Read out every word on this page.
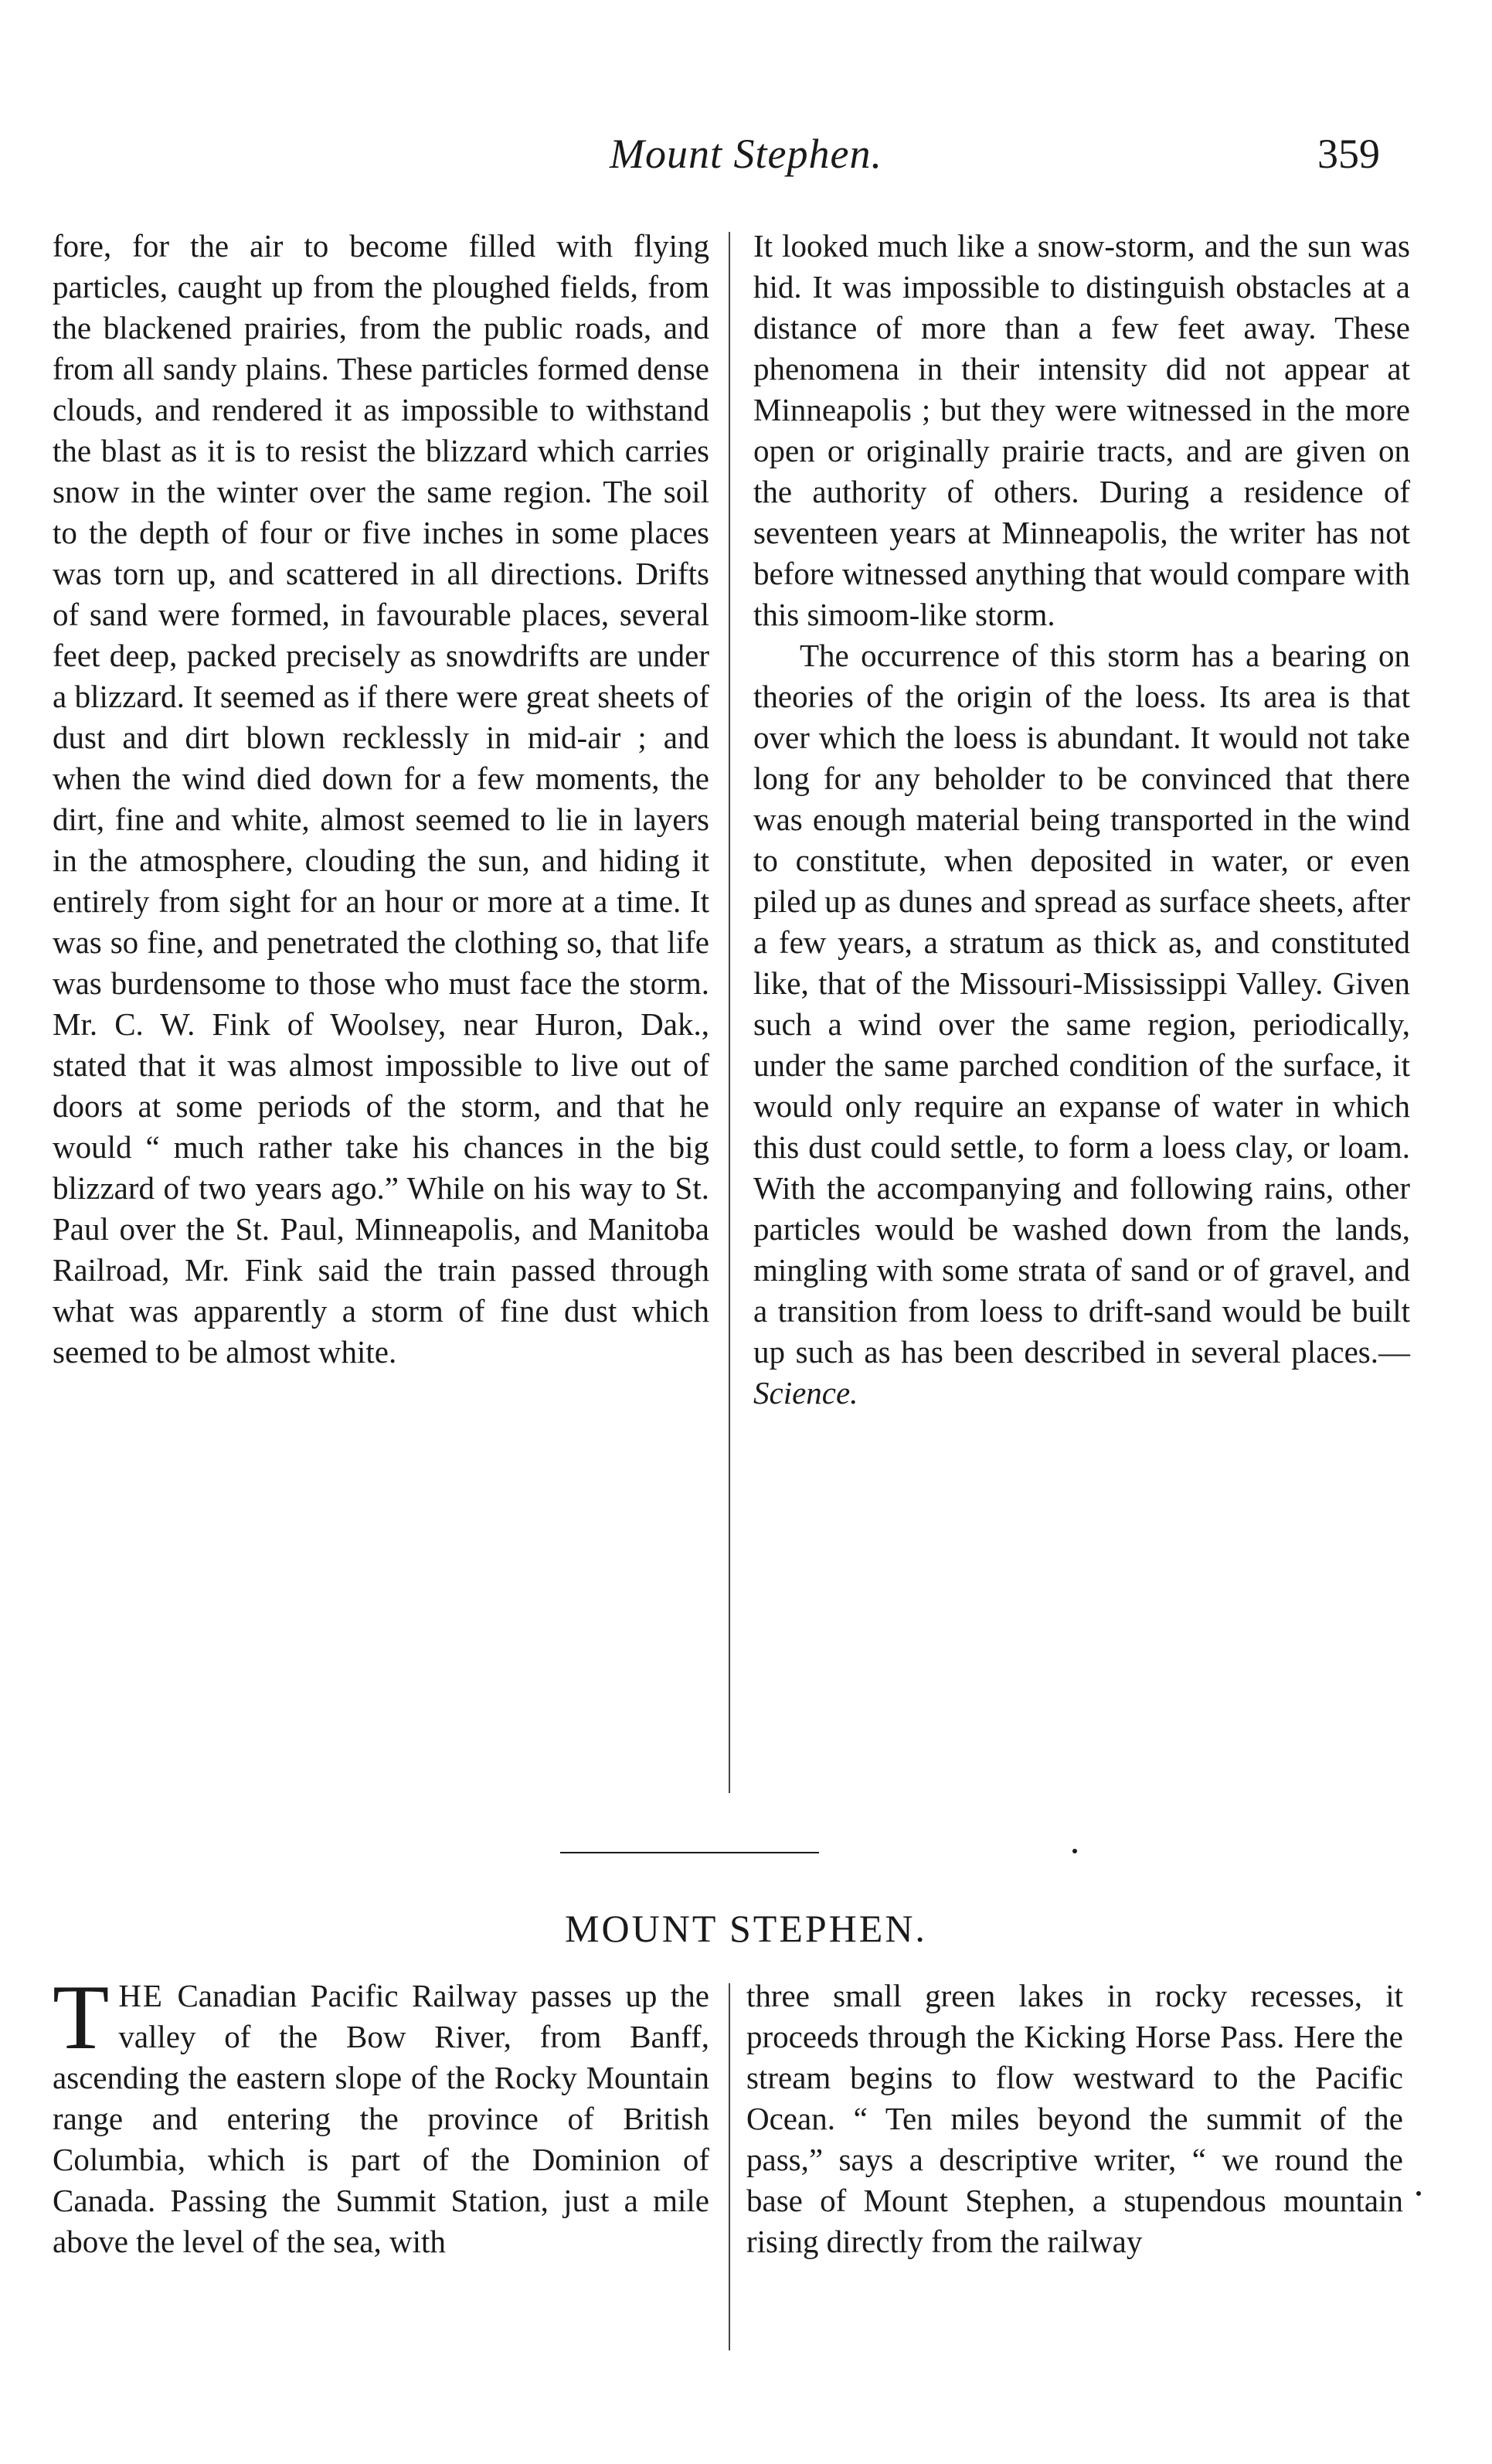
Mount Stephen.	359

fore, for the air to become filled with flying particles, caught up from the ploughed fields, from the blackened prairies, from the public roads, and from all sandy plains. These particles formed dense clouds, and rendered it as impossible to withstand the blast as it is to resist the blizzard which carries snow in the winter over the same region. The soil to the depth of four or five inches in some places was torn up, and scattered in all directions. Drifts of sand were formed, in favourable places, several feet deep, packed precisely as snowdrifts are under a blizzard. It seemed as if there were great sheets of dust and dirt blown recklessly in mid-air ; and when the wind died down for a few moments, the dirt, fine and white, almost seemed to lie in layers in the atmosphere, clouding the sun, and hiding it entirely from sight for an hour or more at a time. It was so fine, and penetrated the clothing so, that life was burdensome to those who must face the storm. Mr. C. W. Fink of Woolsey, near Huron, Dak., stated that it was almost impossible to live out of doors at some periods of the storm, and that he would “ much rather take his chances in the big blizzard of two years ago.” While on his way to St. Paul over the St. Paul, Minneapolis, and Manitoba Railroad, Mr. Fink said the train passed through what was apparently a storm of fine dust which seemed to be almost white.

It looked much like a snow-storm, and the sun was hid. It was impossible to distinguish obstacles at a distance of more than a few feet away. These phenomena in their intensity did not appear at Minneapolis ; but they were witnessed in the more open or originally prairie tracts, and are given on the authority of others. During a residence of seventeen years at Minneapolis, the writer has not before witnessed anything that would compare with this simoom-like storm.

The occurrence of this storm has a bearing on theories of the origin of the loess. Its area is that over which the loess is abundant. It would not take long for any beholder to be convinced that there was enough material being transported in the wind to constitute, when deposited in water, or even piled up as dunes and spread as surface sheets, after a few years, a stratum as thick as, and constituted like, that of the Missouri-Mississippi Valley. Given such a wind over the same region, periodically, under the same parched condition of the surface, it would only require an expanse of water in which this dust could settle, to form a loess clay, or loam. With the accompanying and following rains, other particles would be washed down from the lands, mingling with some strata of sand or of gravel, and a transition from loess to drift-sand would be built up such as has been described in several places.—Science.

MOUNT STEPHEN.

THE Canadian Pacific Railway passes up the valley of the Bow River, from Banff, ascending the eastern slope of the Rocky Mountain range and entering the province of British Columbia, which is part of the Dominion of Canada. Passing the Summit Station, just a mile above the level of the sea, with

three small green lakes in rocky recesses, it proceeds through the Kicking Horse Pass. Here the stream begins to flow westward to the Pacific Ocean. “ Ten miles beyond the summit of the pass,” says a descriptive writer, “ we round the base of Mount Stephen, a stupendous mountain rising directly from the railway
